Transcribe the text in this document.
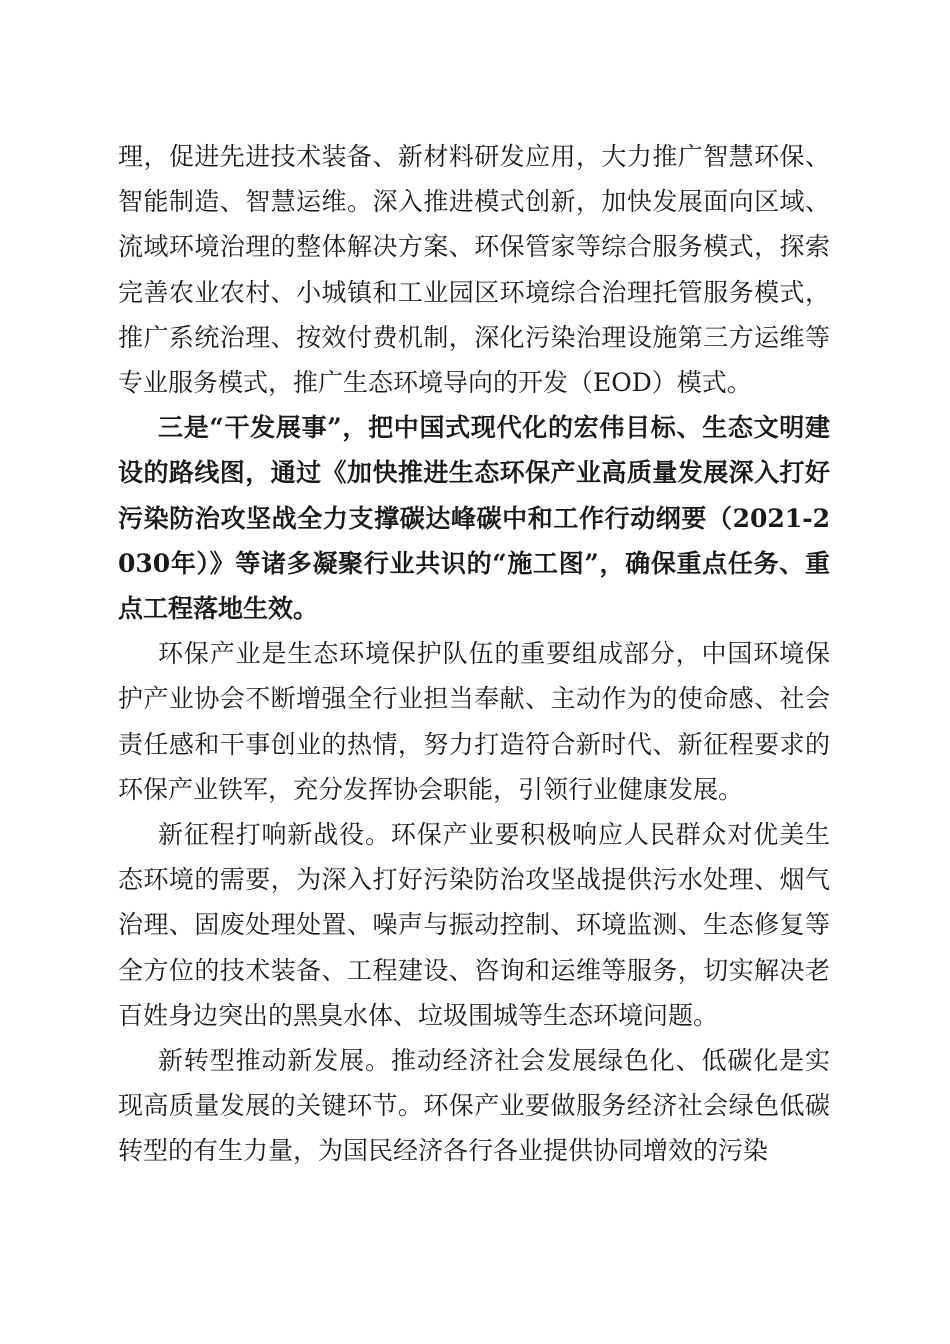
理，促进先进技术装备、新材料研发应用，大力推广智慧环保、智能制造、智慧运维。深入推进模式创新，加快发展面向区域、流域环境治理的整体解决方案、环保管家等综合服务模式，探索完善农业农村、小城镇和工业园区环境综合治理托管服务模式，推广系统治理、按效付费机制，深化污染治理设施第三方运维等专业服务模式，推广生态环境导向的开发（EOD）模式。

三是“干发展事”，把中国式现代化的宏伟目标、生态文明建设的路线图，通过《加快推进生态环保产业高质量发展深入打好污染防治攻坚战全力支撑碳达峰碳中和工作行动纲要（2021-2030年）》等诸多凝聚行业共识的“施工图”，确保重点任务、重点工程落地生效。

环保产业是生态环境保护队伍的重要组成部分，中国环境保护产业协会不断增强全行业担当奉献、主动作为的使命感、社会责任感和干事创业的热情，努力打造符合新时代、新征程要求的环保产业铁军，充分发挥协会职能，引领行业健康发展。

新征程打响新战役。环保产业要积极响应人民群众对优美生态环境的需要，为深入打好污染防治攻坚战提供污水处理、烟气治理、固废处理处置、噪声与振动控制、环境监测、生态修复等全方位的技术装备、工程建设、咨询和运维等服务，切实解决老百姓身边突出的黑臭水体、垃圾围城等生态环境问题。

新转型推动新发展。推动经济社会发展绿色化、低碳化是实现高质量发展的关键环节。环保产业要做服务经济社会绿色低碳转型的有生力量，为国民经济各行各业提供协同增效的污染
